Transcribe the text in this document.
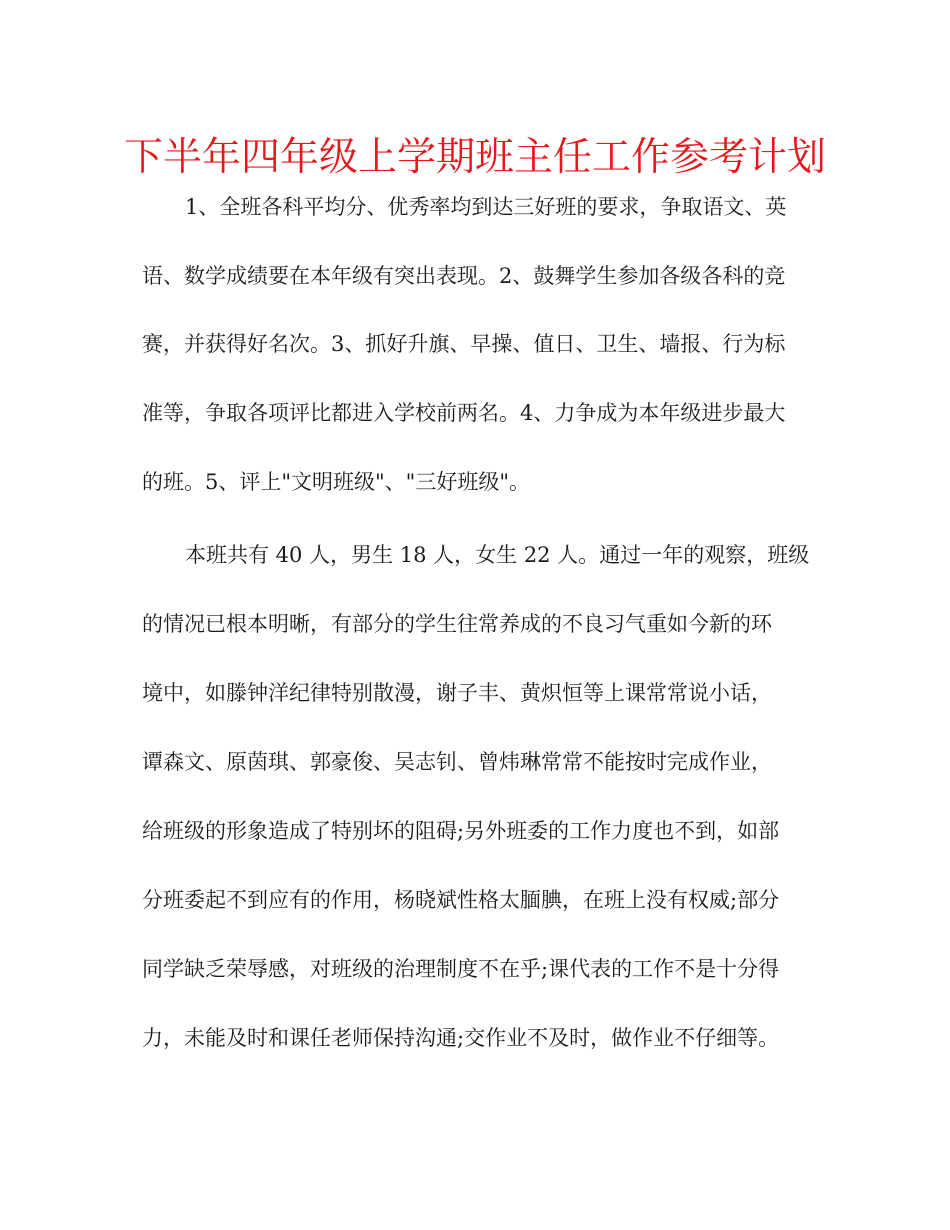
下半年四年级上学期班主任工作参考计划
1、全班各科平均分、优秀率均到达三好班的要求，争取语文、英
语、数学成绩要在本年级有突出表现。2、鼓舞学生参加各级各科的竞
赛，并获得好名次。3、抓好升旗、早操、值日、卫生、墙报、行为标
准等，争取各项评比都进入学校前两名。4、力争成为本年级进步最大
的班。5、评上"文明班级"、"三好班级"。
本班共有 40 人，男生 18 人，女生 22 人。通过一年的观察，班级
的情况已根本明晰，有部分的学生往常养成的不良习气重如今新的环
境中，如滕钟洋纪律特别散漫，谢子丰、黄炽恒等上课常常说小话，
谭森文、原茵琪、郭豪俊、吴志钊、曾炜琳常常不能按时完成作业，
给班级的形象造成了特别坏的阻碍;另外班委的工作力度也不到，如部
分班委起不到应有的作用，杨晓斌性格太腼腆，在班上没有权威;部分
同学缺乏荣辱感，对班级的治理制度不在乎;课代表的工作不是十分得
力，未能及时和课任老师保持沟通;交作业不及时，做作业不仔细等。
